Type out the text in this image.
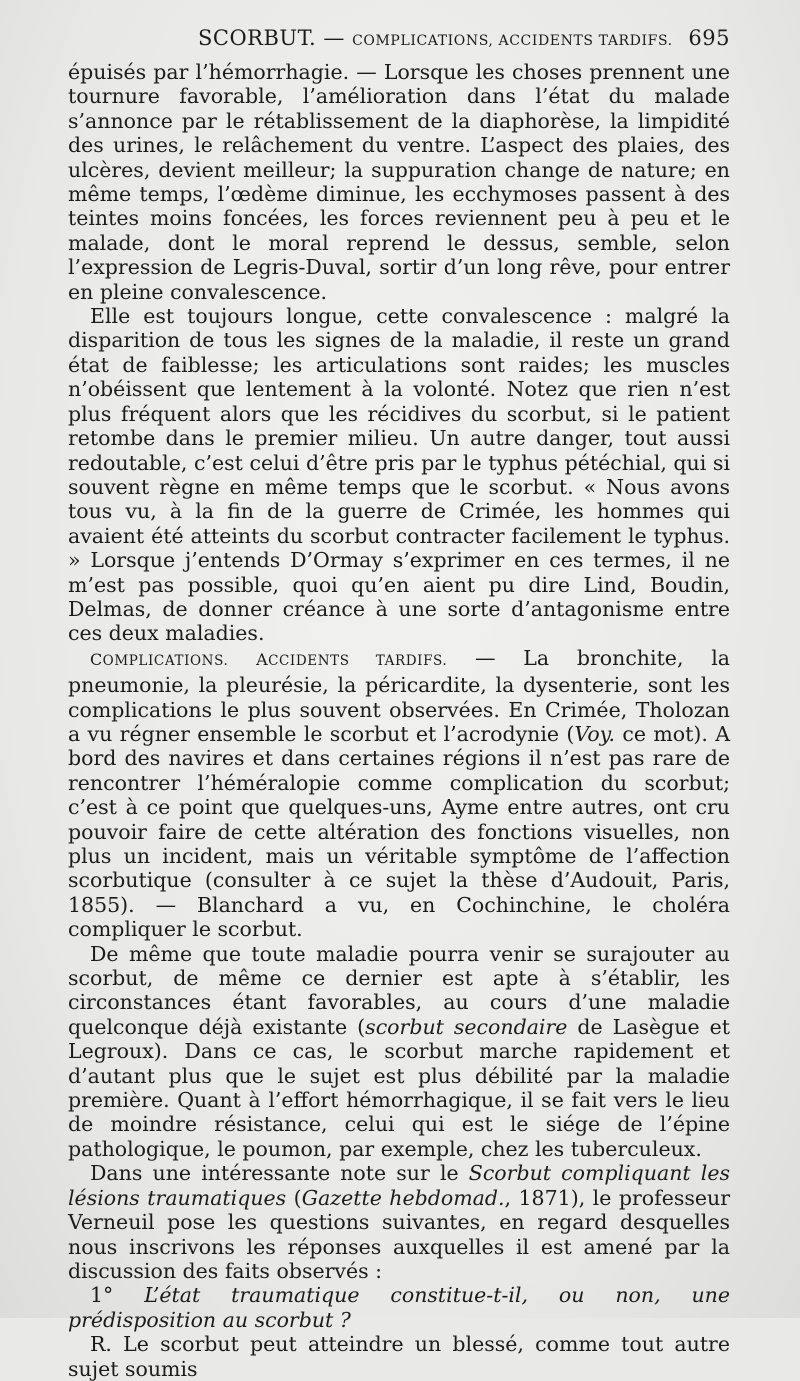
SCORBUT. — COMPLICATIONS, ACCIDENTS TARDIFS. 695

épuisés par l’hémorrhagie. — Lorsque les choses prennent une tournure favorable, l’amélioration dans l’état du malade s’annonce par le rétablissement de la diaphorèse, la limpidité des urines, le relâchement du ventre. L’aspect des plaies, des ulcères, devient meilleur; la suppuration change de nature; en même temps, l’œdème diminue, les ecchymoses passent à des teintes moins foncées, les forces reviennent peu à peu et le malade, dont le moral reprend le dessus, semble, selon l’expression de Legris-Duval, sortir d’un long rêve, pour entrer en pleine convalescence.

Elle est toujours longue, cette convalescence : malgré la disparition de tous les signes de la maladie, il reste un grand état de faiblesse; les articulations sont raides; les muscles n’obéissent que lentement à la volonté. Notez que rien n’est plus fréquent alors que les récidives du scorbut, si le patient retombe dans le premier milieu. Un autre danger, tout aussi redoutable, c’est celui d’être pris par le typhus pétéchial, qui si souvent règne en même temps que le scorbut. « Nous avons tous vu, à la fin de la guerre de Crimée, les hommes qui avaient été atteints du scorbut contracter facilement le typhus. » Lorsque j’entends D’Ormay s’exprimer en ces termes, il ne m’est pas possible, quoi qu’en aient pu dire Lind, Boudin, Delmas, de donner créance à une sorte d’antagonisme entre ces deux maladies.

COMPLICATIONS. ACCIDENTS TARDIFS. — La bronchite, la pneumonie, la pleurésie, la péricardite, la dysenterie, sont les complications le plus souvent observées. En Crimée, Tholozan a vu régner ensemble le scorbut et l’acrodynie (Voy. ce mot). A bord des navires et dans certaines régions il n’est pas rare de rencontrer l’héméralopie comme complication du scorbut; c’est à ce point que quelques-uns, Ayme entre autres, ont cru pouvoir faire de cette altération des fonctions visuelles, non plus un incident, mais un véritable symptôme de l’affection scorbutique (consulter à ce sujet la thèse d’Audouit, Paris, 1855). — Blanchard a vu, en Cochinchine, le choléra compliquer le scorbut.

De même que toute maladie pourra venir se surajouter au scorbut, de même ce dernier est apte à s’établir, les circonstances étant favorables, au cours d’une maladie quelconque déjà existante (scorbut secondaire de Lasègue et Legroux). Dans ce cas, le scorbut marche rapidement et d’autant plus que le sujet est plus débilité par la maladie première. Quant à l’effort hémorrhagique, il se fait vers le lieu de moindre résistance, celui qui est le siége de l’épine pathologique, le poumon, par exemple, chez les tuberculeux.

Dans une intéressante note sur le Scorbut compliquant les lésions traumatiques (Gazette hebdomad., 1871), le professeur Verneuil pose les questions suivantes, en regard desquelles nous inscrivons les réponses auxquelles il est amené par la discussion des faits observés :

1° L’état traumatique constitue-t-il, ou non, une prédisposition au scorbut ?

R. Le scorbut peut atteindre un blessé, comme tout autre sujet soumis
